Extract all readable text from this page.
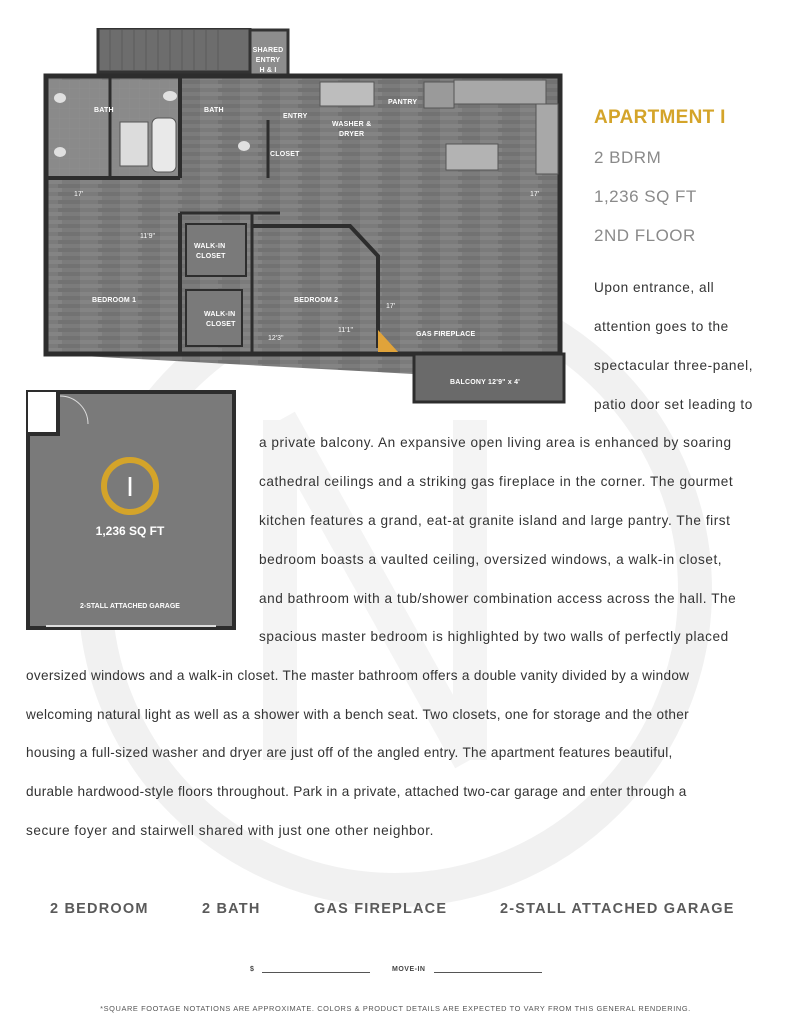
SHARED
ENTRY
H & I
BATH	BATH
ENTRY
CLOSET
WASHER &
DRYER
PANTRY
WALK-IN
CLOSET
WALK-IN
CLOSET
BEDROOM 1	BEDROOM 2
GAS FIREPLACE
BALCONY 12'9" x 4'
17'
11'9"
17'
17'
12'3"
11'1"
I
1,236 SQ FT
2-STALL ATTACHED GARAGE
APARTMENT I
2 BDRM
1,236 SQ FT
2ND FLOOR
Upon entrance, all
attention goes to the
spectacular three-panel,
patio door set leading to
a private balcony. An expansive open living area is enhanced by soaring
cathedral ceilings and a striking gas fireplace in the corner. The gourmet
kitchen features a grand, eat-at granite island and large pantry. The first
bedroom boasts a vaulted ceiling, oversized windows, a walk-in closet,
and bathroom with a tub/shower combination access across the hall. The
spacious master bedroom is highlighted by two walls of perfectly placed
oversized windows and a walk-in closet. The master bathroom offers a double vanity divided by a window
welcoming natural light as well as a shower with a bench seat. Two closets, one for storage and the other
housing a full-sized washer and dryer are just off of the angled entry. The apartment features beautiful,
durable hardwood-style floors throughout. Park in a private, attached two-car garage and enter through a
secure foyer and stairwell shared with just one other neighbor.
2 BEDROOM	2 BATH	GAS FIREPLACE	2-STALL ATTACHED GARAGE
$	MOVE-IN
*SQUARE FOOTAGE NOTATIONS ARE APPROXIMATE. COLORS & PRODUCT DETAILS ARE EXPECTED TO VARY FROM THIS GENERAL RENDERING.
